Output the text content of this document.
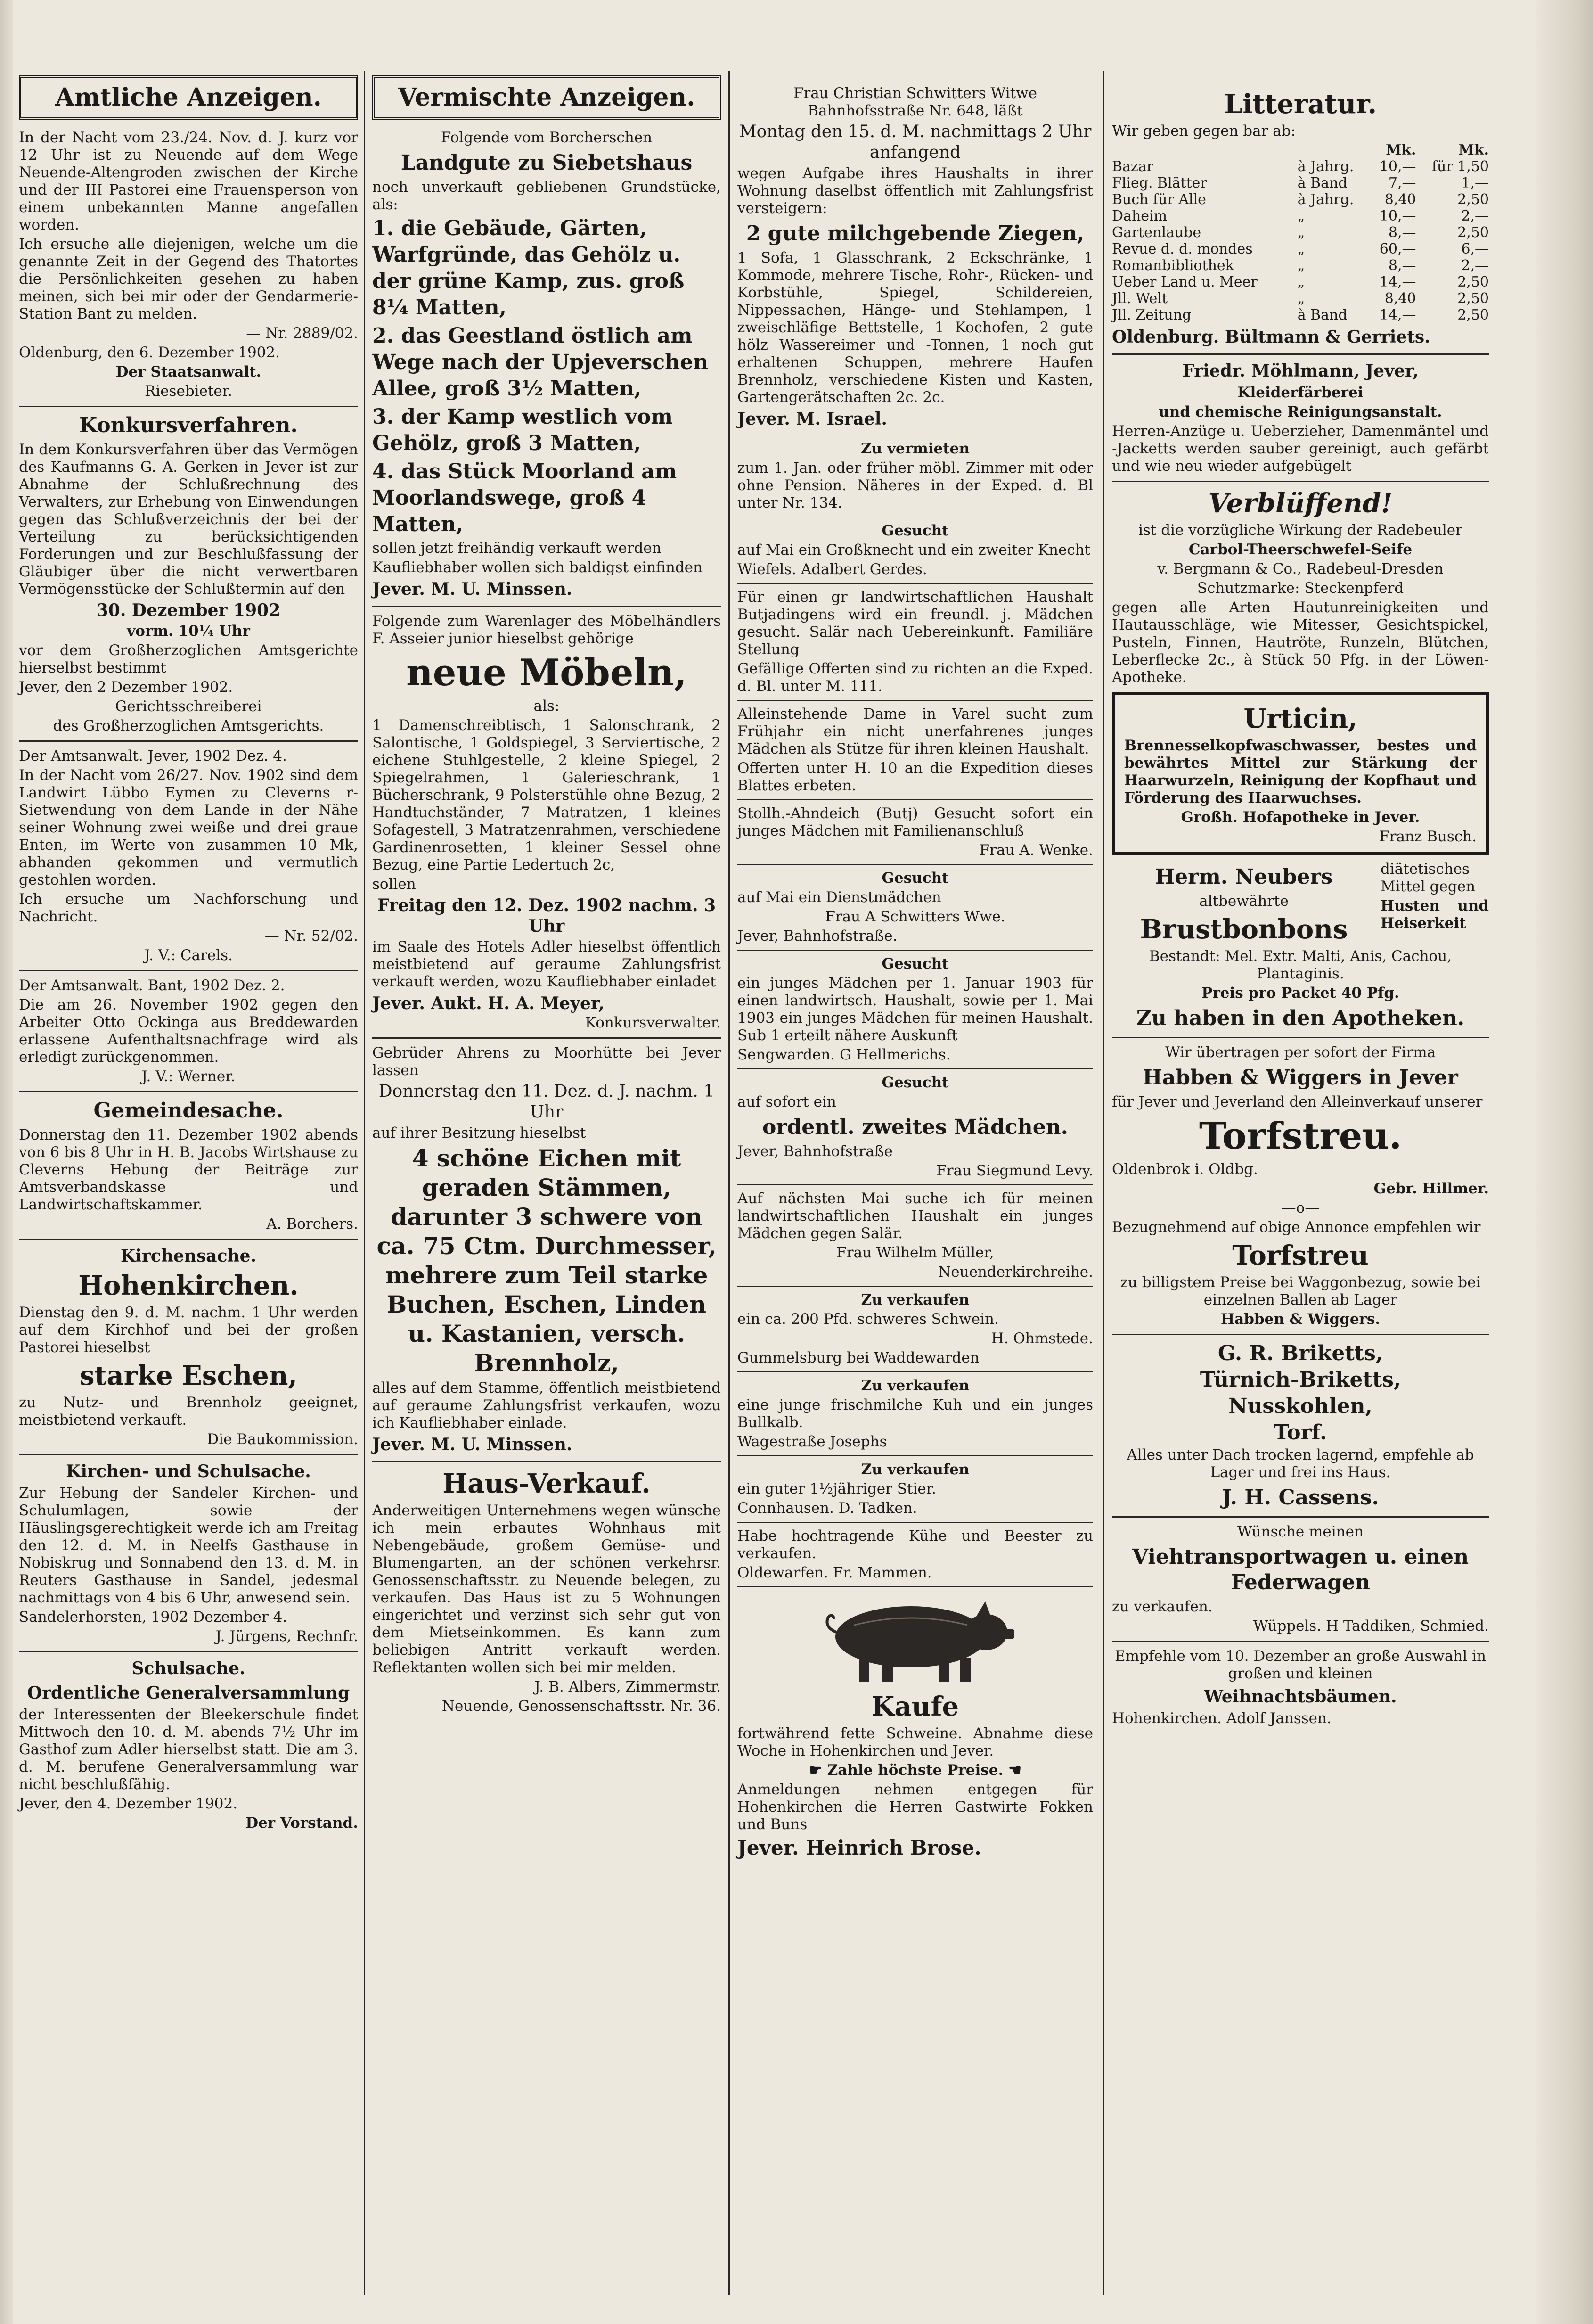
Amtliche Anzeigen.

In der Nacht vom 23./24. Nov. d. J. kurz vor 12 Uhr ist zu Neuende auf dem Wege Neuende-Altengroden zwischen der Kirche und der III Pastorei eine Frauensperson von einem unbekannten Manne angefallen worden.

Ich ersuche alle diejenigen, welche um die genannte Zeit in der Gegend des Thatortes die Persönlichkeiten gesehen zu haben meinen, sich bei mir oder der Gendarmerie-Station Bant zu melden.

— Nr. 2889/02.

Oldenburg, den 6. Dezember 1902.

Der Staatsanwalt.

Riesebieter.

Konkursverfahren.

In dem Konkursverfahren über das Vermögen des Kaufmanns G. A. Gerken in Jever ist zur Abnahme der Schlußrechnung des Verwalters, zur Erhebung von Einwendungen gegen das Schlußverzeichnis der bei der Verteilung zu berücksichtigenden Forderungen und zur Beschlußfassung der Gläubiger über die nicht verwertbaren Vermögensstücke der Schlußtermin auf den

30. Dezember 1902

vorm. 10¼ Uhr

vor dem Großherzoglichen Amtsgerichte hierselbst bestimmt

Jever, den 2 Dezember 1902.

Gerichtsschreiberei

des Großherzoglichen Amtsgerichts.

Der Amtsanwalt. Jever, 1902 Dez. 4.

In der Nacht vom 26/27. Nov. 1902 sind dem Landwirt Lübbo Eymen zu Cleverns r-Sietwendung von dem Lande in der Nähe seiner Wohnung zwei weiße und drei graue Enten, im Werte von zusammen 10 Mk, abhanden gekommen und vermutlich gestohlen worden.

Ich ersuche um Nachforschung und Nachricht.

— Nr. 52/02.

J. V.: Carels.

Der Amtsanwalt. Bant, 1902 Dez. 2.

Die am 26. November 1902 gegen den Arbeiter Otto Ockinga aus Breddewarden erlassene Aufenthaltsnachfrage wird als erledigt zurückgenommen.

J. V.: Werner.

Gemeindesache.

Donnerstag den 11. Dezember 1902 abends von 6 bis 8 Uhr in H. B. Jacobs Wirtshause zu Cleverns Hebung der Beiträge zur Amtsverbandskasse und Landwirtschaftskammer.

A. Borchers.

Kirchensache.
Hohenkirchen.

Dienstag den 9. d. M. nachm. 1 Uhr werden auf dem Kirchhof und bei der großen Pastorei hieselbst

starke Eschen,

zu Nutz- und Brennholz geeignet, meistbietend verkauft.

Die Baukommission.

Kirchen- und Schulsache.

Zur Hebung der Sandeler Kirchen- und Schulumlagen, sowie der Häuslingsgerechtigkeit werde ich am Freitag den 12. d. M. in Neelfs Gasthause in Nobiskrug und Sonnabend den 13. d. M. in Reuters Gasthause in Sandel, jedesmal nachmittags von 4 bis 6 Uhr, anwesend sein.

Sandelerhorsten, 1902 Dezember 4.

J. Jürgens, Rechnfr.

Schulsache.
Ordentliche Generalversammlung

der Interessenten der Bleekerschule findet Mittwoch den 10. d. M. abends 7½ Uhr im Gasthof zum Adler hierselbst statt. Die am 3. d. M. berufene Generalversammlung war nicht beschlußfähig.

Jever, den 4. Dezember 1902.

Der Vorstand.

Vermischte Anzeigen.

Folgende vom Borcherschen

Landgute zu Siebetshaus

noch unverkauft gebliebenen Grundstücke, als:

1. die Gebäude, Gärten, Warfgründe, das Gehölz u. der grüne Kamp, zus. groß 8¼ Matten,

2. das Geestland östlich am Wege nach der Upjeverschen Allee, groß 3½ Matten,

3. der Kamp westlich vom Gehölz, groß 3 Matten,

4. das Stück Moorland am Moorlandswege, groß 4 Matten,

sollen jetzt freihändig verkauft werden

Kaufliebhaber wollen sich baldigst einfinden

Jever. M. U. Minssen.

Folgende zum Warenlager des Möbelhändlers F. Asseier junior hieselbst gehörige

neue Möbeln,

als:

1 Damenschreibtisch, 1 Salonschrank, 2 Salontische, 1 Goldspiegel, 3 Serviertische, 2 eichene Stuhlgestelle, 2 kleine Spiegel, 2 Spiegelrahmen, 1 Galerieschrank, 1 Bücherschrank, 9 Polsterstühle ohne Bezug, 2 Handtuchständer, 7 Matratzen, 1 kleines Sofagestell, 3 Matratzenrahmen, verschiedene Gardinenrosetten, 1 kleiner Sessel ohne Bezug, eine Partie Ledertuch 2c,

sollen

Freitag den 12. Dez. 1902 nachm. 3 Uhr

im Saale des Hotels Adler hieselbst öffentlich meistbietend auf geraume Zahlungsfrist verkauft werden, wozu Kaufliebhaber einladet

Jever. Aukt. H. A. Meyer,

Konkursverwalter.

Gebrüder Ahrens zu Moorhütte bei Jever lassen

Donnerstag den 11. Dez. d. J. nachm. 1 Uhr

auf ihrer Besitzung hieselbst

4 schöne Eichen mit geraden Stämmen, darunter 3 schwere von ca. 75 Ctm. Durchmesser, mehrere zum Teil starke Buchen, Eschen, Linden u. Kastanien, versch. Brennholz,

alles auf dem Stamme, öffentlich meistbietend auf geraume Zahlungsfrist verkaufen, wozu ich Kaufliebhaber einlade.

Jever. M. U. Minssen.
Haus-Verkauf.

Anderweitigen Unternehmens wegen wünsche ich mein erbautes Wohnhaus mit Nebengebäude, großem Gemüse- und Blumengarten, an der schönen verkehrsr. Genossenschaftsstr. zu Neuende belegen, zu verkaufen. Das Haus ist zu 5 Wohnungen eingerichtet und verzinst sich sehr gut von dem Mietseinkommen. Es kann zum beliebigen Antritt verkauft werden. Reflektanten wollen sich bei mir melden.

J. B. Albers, Zimmermstr.

Neuende, Genossenschaftsstr. Nr. 36.

Frau Christian Schwitters Witwe Bahnhofsstraße Nr. 648, läßt

Montag den 15. d. M. nachmittags 2 Uhr anfangend

wegen Aufgabe ihres Haushalts in ihrer Wohnung daselbst öffentlich mit Zahlungsfrist versteigern:

2 gute milchgebende Ziegen,

1 Sofa, 1 Glasschrank, 2 Eckschränke, 1 Kommode, mehrere Tische, Rohr-, Rücken- und Korbstühle, Spiegel, Schildereien, Nippessachen, Hänge- und Stehlampen, 1 zweischläfige Bettstelle, 1 Kochofen, 2 gute hölz Wassereimer und -Tonnen, 1 noch gut erhaltenen Schuppen, mehrere Haufen Brennholz, verschiedene Kisten und Kasten, Gartengerätschaften 2c. 2c.

Jever. M. Israel.

Zu vermieten

zum 1. Jan. oder früher möbl. Zimmer mit oder ohne Pension. Näheres in der Exped. d. Bl unter Nr. 134.

Gesucht

auf Mai ein Großknecht und ein zweiter Knecht

Wiefels. Adalbert Gerdes.

Für einen gr landwirtschaftlichen Haushalt Butjadingens wird ein freundl. j. Mädchen gesucht. Salär nach Uebereinkunft. Familiäre Stellung

Gefällige Offerten sind zu richten an die Exped. d. Bl. unter M. 111.

Alleinstehende Dame in Varel sucht zum Frühjahr ein nicht unerfahrenes junges Mädchen als Stütze für ihren kleinen Haushalt.

Offerten unter H. 10 an die Expedition dieses Blattes erbeten.

Stollh.-Ahndeich (Butj) Gesucht sofort ein junges Mädchen mit Familienanschluß

Frau A. Wenke.

Gesucht

auf Mai ein Dienstmädchen

Frau A Schwitters Wwe.

Jever, Bahnhofstraße.

Gesucht

ein junges Mädchen per 1. Januar 1903 für einen landwirtsch. Haushalt, sowie per 1. Mai 1903 ein junges Mädchen für meinen Haushalt. Sub 1 erteilt nähere Auskunft

Sengwarden. G Hellmerichs.

Gesucht

auf sofort ein

ordentl. zweites Mädchen.

Jever, Bahnhofstraße

Frau Siegmund Levy.

Auf nächsten Mai suche ich für meinen landwirtschaftlichen Haushalt ein junges Mädchen gegen Salär.

Frau Wilhelm Müller,

Neuenderkirchreihe.

Zu verkaufen

ein ca. 200 Pfd. schweres Schwein.

H. Ohmstede.

Gummelsburg bei Waddewarden

Zu verkaufen

eine junge frischmilche Kuh und ein junges Bullkalb.

Wagestraße Josephs

Zu verkaufen

ein guter 1½jähriger Stier.

Connhausen. D. Tadken.

Habe hochtragende Kühe und Beester zu verkaufen.

Oldewarfen. Fr. Mammen.

Kaufe

fortwährend fette Schweine. Abnahme diese Woche in Hohenkirchen und Jever.

☛ Zahle höchste Preise. ☚

Anmeldungen nehmen entgegen für Hohenkirchen die Herren Gastwirte Fokken und Buns

Jever. Heinrich Brose.
Litteratur.

Wir geben gegen bar ab:

		Mk.	Mk.
Bazar	à Jahrg.	10,—	für 1,50
Flieg. Blätter	à Band	7,—	1,—
Buch für Alle	à Jahrg.	8,40	2,50
Daheim	„	10,—	2,—
Gartenlaube	„	8,—	2,50
Revue d. d. mondes	„	60,—	6,—
Romanbibliothek	„	8,—	2,—
Ueber Land u. Meer	„	14,—	2,50
Jll. Welt	„	8,40	2,50
Jll. Zeitung	à Band	14,—	2,50
Oldenburg. Bültmann & Gerriets.
Friedr. Möhlmann, Jever,

Kleiderfärberei

und chemische Reinigungsanstalt.

Herren-Anzüge u. Ueberzieher, Damenmäntel und -Jacketts werden sauber gereinigt, auch gefärbt und wie neu wieder aufgebügelt

Verblüffend!

ist die vorzügliche Wirkung der Radebeuler

Carbol-Theerschwefel-Seife

v. Bergmann & Co., Radebeul-Dresden

Schutzmarke: Steckenpferd

gegen alle Arten Hautunreinigkeiten und Hautausschläge, wie Mitesser, Gesichtspickel, Pusteln, Finnen, Hautröte, Runzeln, Blütchen, Leberflecke 2c., à Stück 50 Pfg. in der Löwen-Apotheke.

Urticin,

Brennesselkopfwaschwasser, bestes und bewährtes Mittel zur Stärkung der Haarwurzeln, Reinigung der Kopfhaut und Förderung des Haarwuchses.

Großh. Hofapotheke in Jever.

Franz Busch.

Herm. Neubers

altbewährte

Brustbonbons

diätetisches Mittel gegen

Husten und Heiserkeit

Bestandt: Mel. Extr. Malti, Anis, Cachou, Plantaginis.

Preis pro Packet 40 Pfg.

Zu haben in den Apotheken.

Wir übertragen per sofort der Firma

Habben & Wiggers in Jever

für Jever und Jeverland den Alleinverkauf unserer

Torfstreu.

Oldenbrok i. Oldbg.

Gebr. Hillmer.

—o—

Bezugnehmend auf obige Annonce empfehlen wir

Torfstreu

zu billigstem Preise bei Waggonbezug, sowie bei einzelnen Ballen ab Lager

Habben & Wiggers.

G. R. Briketts,
Türnich-Briketts,
Nusskohlen,
Torf.

Alles unter Dach trocken lagernd, empfehle ab Lager und frei ins Haus.

J. H. Cassens.

Wünsche meinen

Viehtransportwagen u. einen Federwagen

zu verkaufen.

Wüppels. H Taddiken, Schmied.

Empfehle vom 10. Dezember an große Auswahl in großen und kleinen

Weihnachtsbäumen.

Hohenkirchen. Adolf Janssen.
